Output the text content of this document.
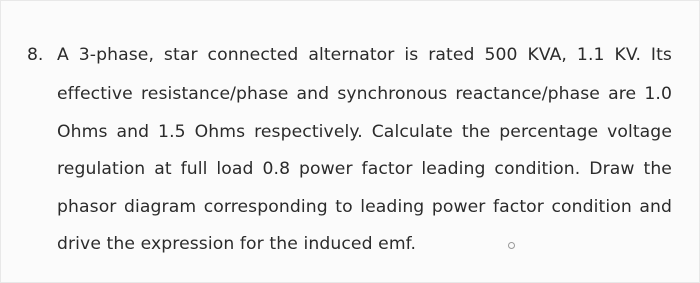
8. A 3-phase, star connected alternator is rated 500 KVA, 1.1 KV. Its
effective resistance/phase and synchronous reactance/phase are 1.0
Ohms and 1.5 Ohms respectively. Calculate the percentage voltage
regulation at full load 0.8 power factor leading condition. Draw the
phasor diagram corresponding to leading power factor condition and
drive the expression for the induced emf.
